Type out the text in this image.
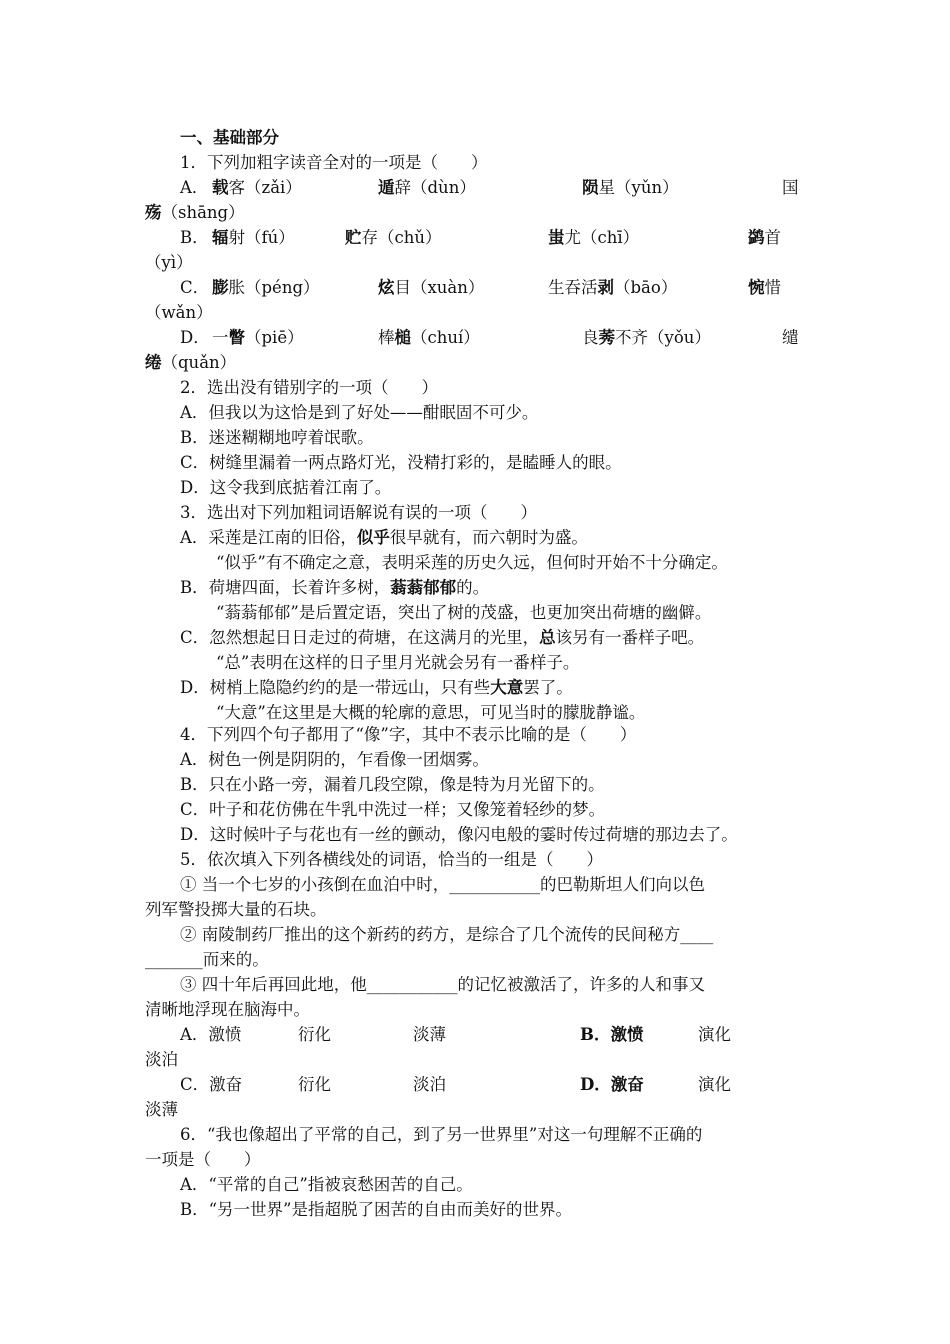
一、基础部分
1．下列加粗字读音全对的一项是（　　）
A． 载客（zǎi）	遁辞（dùn）	陨星（yǔn）	国
殇（shāng）
B． 辐射（fú）	贮存（chǔ）	蚩尤（chī）	鹢首
（yì）
C． 膨胀（péng）	炫目（xuàn）	生吞活剥（bāo）	惋惜
（wǎn）
D． 一瞥（piē）	棒槌（chuí）	良莠不齐（yǒu）	缱
绻（quǎn）
2．选出没有错别字的一项（　　）
A．但我以为这恰是到了好处——酣眠固不可少。
B．迷迷糊糊地哼着氓歌。
C．树缝里漏着一两点路灯光，没精打彩的，是瞌睡人的眼。
D．这令我到底掂着江南了。
3．选出对下列加粗词语解说有误的一项（　　）
A．采莲是江南的旧俗，似乎很早就有，而六朝时为盛。
“似乎”有不确定之意，表明采莲的历史久远，但何时开始不十分确定。
B．荷塘四面，长着许多树，蓊蓊郁郁的。
“蓊蓊郁郁”是后置定语，突出了树的茂盛，也更加突出荷塘的幽僻。
C．忽然想起日日走过的荷塘，在这满月的光里，总该另有一番样子吧。
“总”表明在这样的日子里月光就会另有一番样子。
D．树梢上隐隐约约的是一带远山，只有些大意罢了。
“大意”在这里是大概的轮廓的意思，可见当时的朦胧静谧。
4．下列四个句子都用了“像”字，其中不表示比喻的是（　　）
A．树色一例是阴阴的，乍看像一团烟雾。
B．只在小路一旁，漏着几段空隙，像是特为月光留下的。
C．叶子和花仿佛在牛乳中洗过一样；又像笼着轻纱的梦。
D．这时候叶子与花也有一丝的颤动，像闪电般的霎时传过荷塘的那边去了。
5．依次填入下列各横线处的词语，恰当的一组是（　　）
① 当一个七岁的小孩倒在血泊中时，___________的巴勒斯坦人们向以色
列军警投掷大量的石块。
② 南陵制药厂推出的这个新药的药方，是综合了几个流传的民间秘方____
_______而来的。
③ 四十年后再回此地，他___________的记忆被激活了，许多的人和事又
清晰地浮现在脑海中。
A．激愤	衍化	淡薄	B．激愤	演化
淡泊
C．激奋	衍化	淡泊	D．激奋	演化
淡薄
6．“我也像超出了平常的自己，到了另一世界里”对这一句理解不正确的
一项是（　　）
A．“平常的自己”指被哀愁困苦的自己。
B．“另一世界”是指超脱了困苦的自由而美好的世界。
